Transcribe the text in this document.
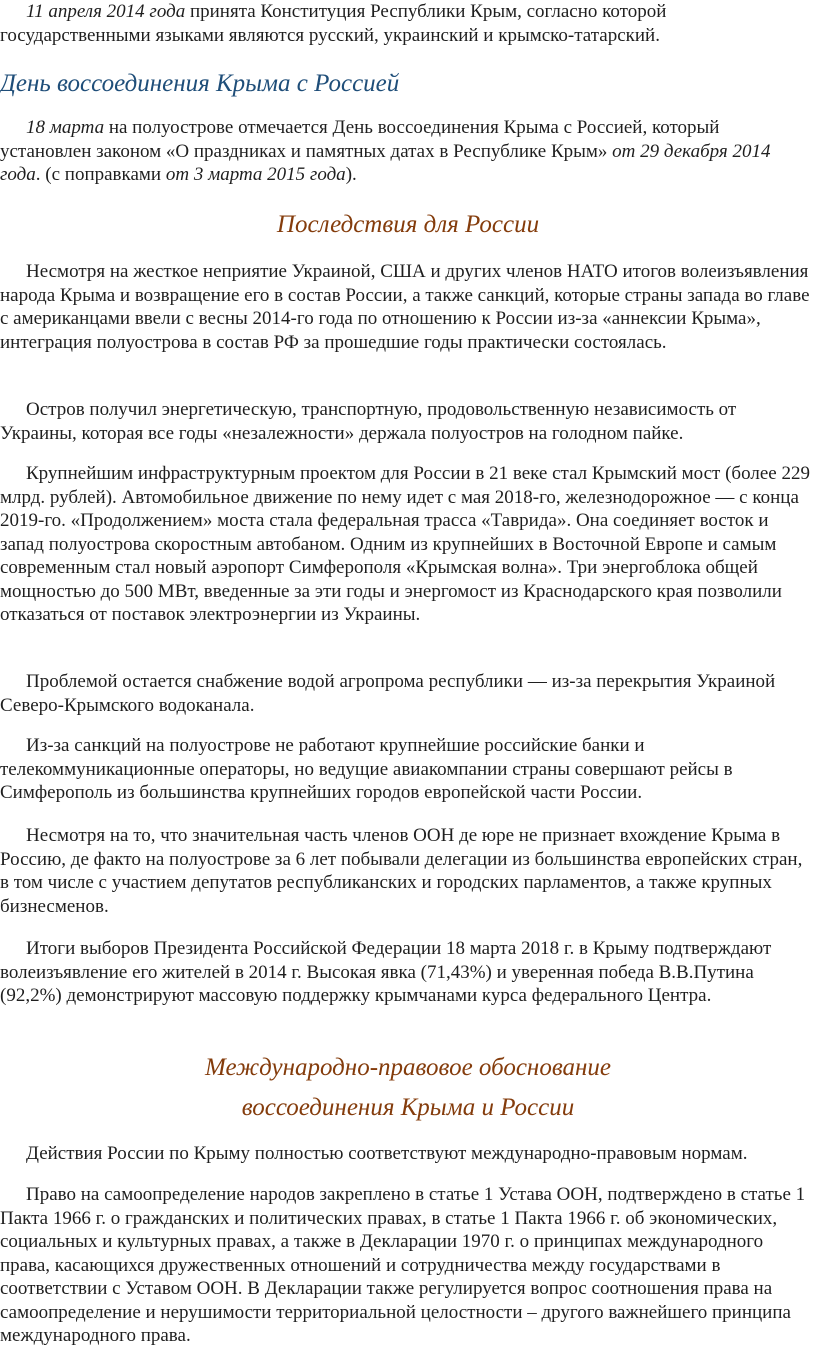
11 апреля 2014 года принята Конституция Республики Крым, согласно которой государственными языками являются русский, украинский и крымско-татарский.

День воссоединения Крыма с Россией

18 марта на полуострове отмечается День воссоединения Крыма с Россией, который установлен законом «О праздниках и памятных датах в Республике Крым» от 29 декабря 2014 года. (с поправками от 3 марта 2015 года).

Последствия для России

Несмотря на жесткое неприятие Украиной, США и других членов НАТО итогов волеизъявления народа Крыма и возвращение его в состав России, а также санкций, которые страны запада во главе с американцами ввели с весны 2014-го года по отношению к России из-за «аннексии Крыма», интеграция полуострова в состав РФ за прошедшие годы практически состоялась.

Остров получил энергетическую, транспортную, продовольственную независимость от Украины, которая все годы «незалежности» держала полуостров на голодном пайке.

Крупнейшим инфраструктурным проектом для России в 21 веке стал Крымский мост (более 229 млрд. рублей). Автомобильное движение по нему идет с мая 2018-го, железнодорожное — с конца 2019-го. «Продолжением» моста стала федеральная трасса «Таврида». Она соединяет восток и запад полуострова скоростным автобаном. Одним из крупнейших в Восточной Европе и самым современным стал новый аэропорт Симферополя «Крымская волна». Три энергоблока общей мощностью до 500 МВт, введенные за эти годы и энергомост из Краснодарского края позволили отказаться от поставок электроэнергии из Украины.

Проблемой остается снабжение водой агропрома республики — из-за перекрытия Украиной Северо-Крымского водоканала.

Из-за санкций на полуострове не работают крупнейшие российские банки и телекоммуникационные операторы, но ведущие авиакомпании страны совершают рейсы в Симферополь из большинства крупнейших городов европейской части России.

Несмотря на то, что значительная часть членов ООН де юре не признает вхождение Крыма в Россию, де факто на полуострове за 6 лет побывали делегации из большинства европейских стран, в том числе с участием депутатов республиканских и городских парламентов, а также крупных бизнесменов.

Итоги выборов Президента Российской Федерации 18 марта 2018 г. в Крыму подтверждают волеизъявление его жителей в 2014 г. Высокая явка (71,43%) и уверенная победа В.В.Путина (92,2%) демонстрируют массовую поддержку крымчанами курса федерального Центра.

Международно-правовое обоснование
воссоединения Крыма и России

Действия России по Крыму полностью соответствуют международно-правовым нормам.

Право на самоопределение народов закреплено в статье 1 Устава ООН, подтверждено в статье 1 Пакта 1966 г. о гражданских и политических правах, в статье 1 Пакта 1966 г. об экономических, социальных и культурных правах, а также в Декларации 1970 г. о принципах международного права, касающихся дружественных отношений и сотрудничества между государствами в соответствии с Уставом ООН. В Декларации также регулируется вопрос соотношения права на самоопределение и нерушимости территориальной целостности – другого важнейшего принципа международного права.
